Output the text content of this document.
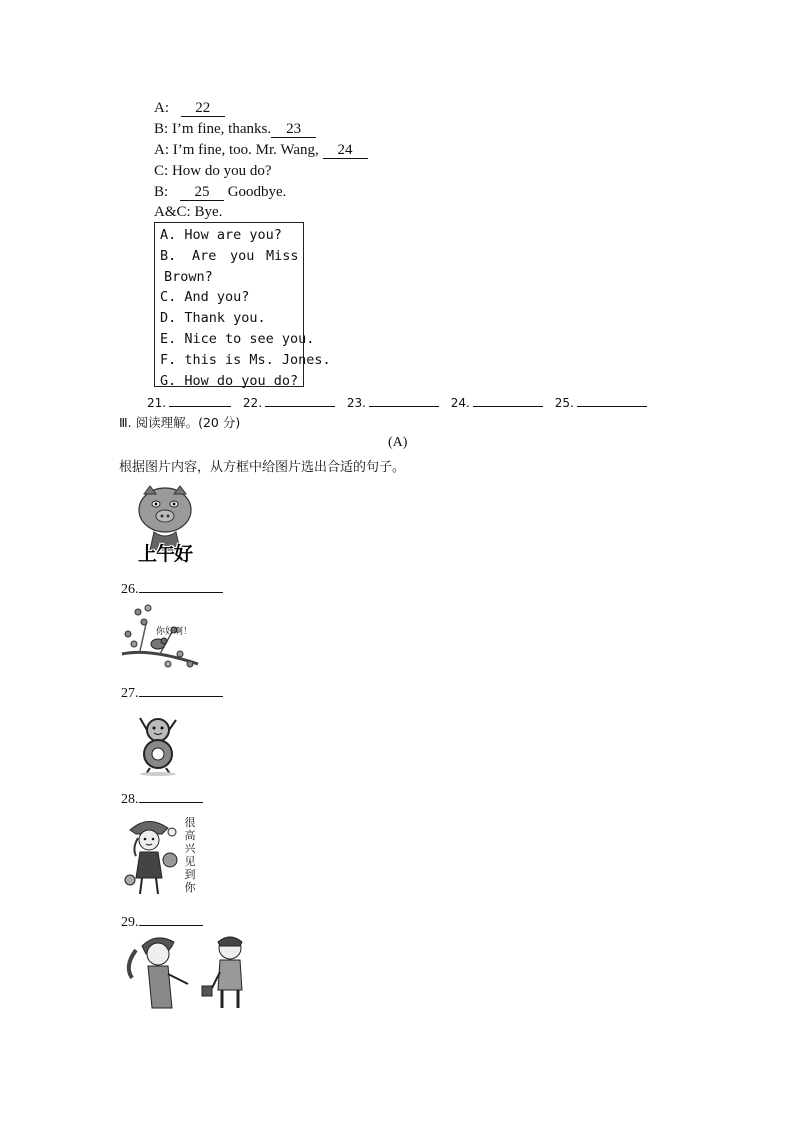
A: 22
B: I’m fine, thanks. 23
A: I’m fine, too. Mr. Wang, 24
C: How do you do?
B: 25 Goodbye.
A&C: Bye.
A. How are you?
B. Are you Miss
Brown?
C. And you?
D. Thank you.
E. Nice to see you.
F. this is Ms. Jones.
G. How do you do?
21.	22.	23.	24.	25.
Ⅲ. 阅读理解。(20 分)
(A)
根据图片内容，从方框中给图片选出合适的句子。
上午好
26.
你好啊！
27.
28.
很
高
兴
见
到
你
29.
